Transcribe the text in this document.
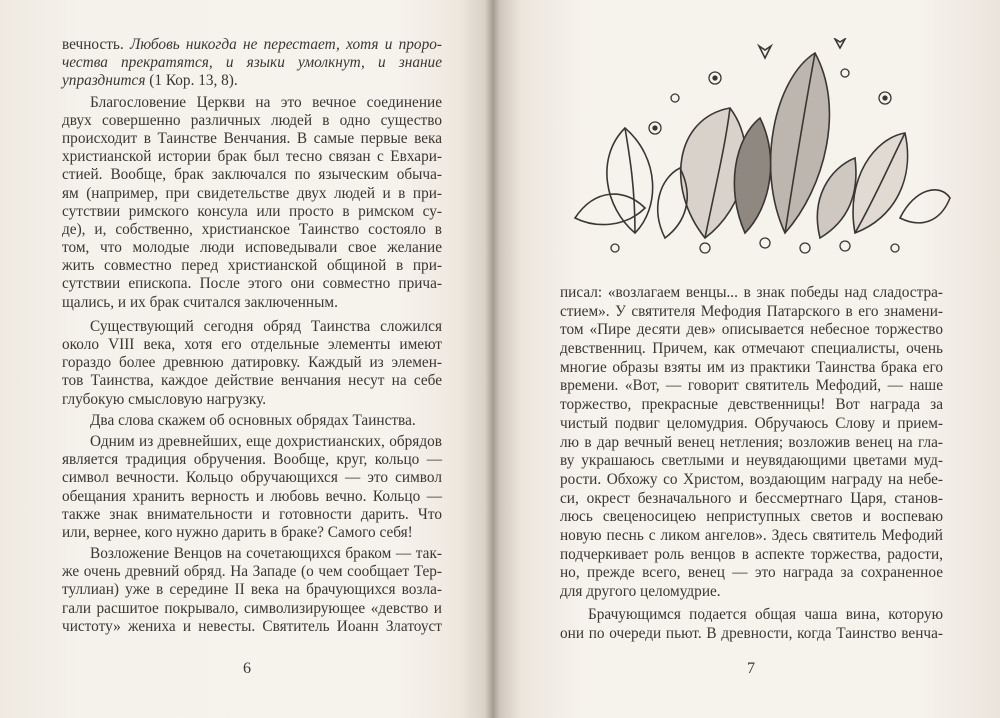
вечность. Любовь никогда не перестает, хотя и проро-
чества прекратятся, и языки умолкнут, и знание
упразднится (1 Кор. 13, 8).
Благословение Церкви на это вечное соединение
двух совершенно различных людей в одно существо
происходит в Таинстве Венчания. В самые первые века
христианской истории брак был тесно связан с Евхари-
стией. Вообще, брак заключался по языческим обыча-
ям (например, при свидетельстве двух людей и в при-
сутствии римского консула или просто в римском су-
де), и, собственно, христианское Таинство состояло в
том, что молодые люди исповедывали свое желание
жить совместно перед христианской общиной в при-
сутствии епископа. После этого они совместно прича-
щались, и их брак считался заключенным.
Существующий сегодня обряд Таинства сложился
около VIII века, хотя его отдельные элементы имеют
гораздо более древнюю датировку. Каждый из элемен-
тов Таинства, каждое действие венчания несут на себе
глубокую смысловую нагрузку.
Два слова скажем об основных обрядах Таинства.
Одним из древнейших, еще дохристианских, обрядов
является традиция обручения. Вообще, круг, кольцо —
символ вечности. Кольцо обручающихся — это символ
обещания хранить верность и любовь вечно. Кольцо —
также знак внимательности и готовности дарить. Что
или, вернее, кого нужно дарить в браке? Самого себя!
Возложение Венцов на сочетающихся браком — так-
же очень древний обряд. На Западе (о чем сообщает Тер-
туллиан) уже в середине II века на брачующихся возла-
гали расшитое покрывало, символизирующее «девство и
чистоту» жениха и невесты. Святитель Иоанн Златоуст
6
писал: «возлагаем венцы... в знак победы над сладостра-
стием». У святителя Мефодия Патарского в его знамени-
том «Пире десяти дев» описывается небесное торжество
девственниц. Причем, как отмечают специалисты, очень
многие образы взяты им из практики Таинства брака его
времени. «Вот, — говорит святитель Мефодий, — наше
торжество, прекрасные девственницы! Вот награда за
чистый подвиг целомудрия. Обручаюсь Слову и прием-
лю в дар вечный венец нетления; возложив венец на гла-
ву украшаюсь светлыми и неувядающими цветами муд-
рости. Обхожу со Христом, воздающим награду на небе-
си, окрест безначального и бессмертнаго Царя, станов-
люсь свеценосицею неприступных светов и воспеваю
новую песнь с ликом ангелов». Здесь святитель Мефодий
подчеркивает роль венцов в аспекте торжества, радости,
но, прежде всего, венец — это награда за сохраненное
для другого целомудрие.
Брачующимся подается общая чаша вина, которую
они по очереди пьют. В древности, когда Таинство венча-
7
